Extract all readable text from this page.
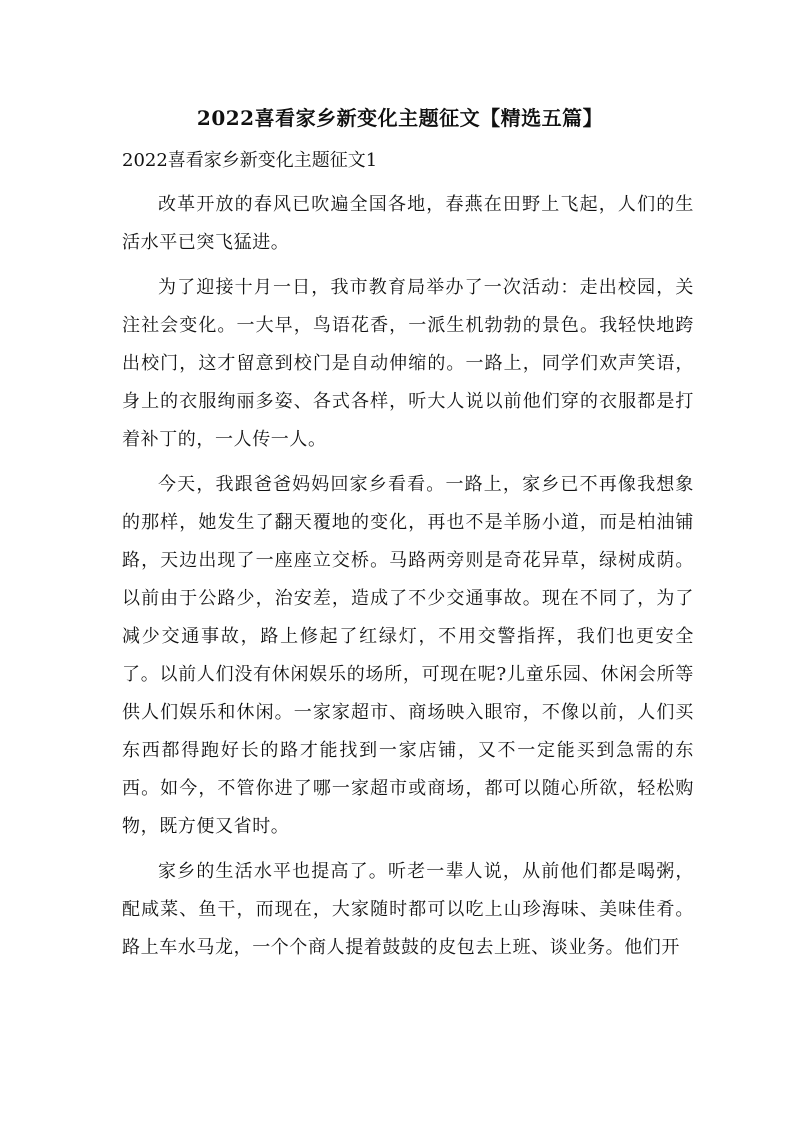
2022喜看家乡新变化主题征文【精选五篇】
2022喜看家乡新变化主题征文1

改革开放的春风已吹遍全国各地，春燕在田野上飞起，人们的生活水平已突飞猛进。

为了迎接十月一日，我市教育局举办了一次活动：走出校园，关注社会变化。一大早，鸟语花香，一派生机勃勃的景色。我轻快地跨出校门，这才留意到校门是自动伸缩的。一路上，同学们欢声笑语，身上的衣服绚丽多姿、各式各样，听大人说以前他们穿的衣服都是打着补丁的，一人传一人。

今天，我跟爸爸妈妈回家乡看看。一路上，家乡已不再像我想象的那样，她发生了翻天覆地的变化，再也不是羊肠小道，而是柏油铺路，天边出现了一座座立交桥。马路两旁则是奇花异草，绿树成荫。以前由于公路少，治安差，造成了不少交通事故。现在不同了，为了减少交通事故，路上修起了红绿灯，不用交警指挥，我们也更安全了。以前人们没有休闲娱乐的场所，可现在呢?儿童乐园、休闲会所等供人们娱乐和休闲。一家家超市、商场映入眼帘，不像以前，人们买东西都得跑好长的路才能找到一家店铺，又不一定能买到急需的东西。如今，不管你进了哪一家超市或商场，都可以随心所欲，轻松购物，既方便又省时。

家乡的生活水平也提高了。听老一辈人说，从前他们都是喝粥，配咸菜、鱼干，而现在，大家随时都可以吃上山珍海味、美味佳肴。路上车水马龙，一个个商人提着鼓鼓的皮包去上班、谈业务。他们开
